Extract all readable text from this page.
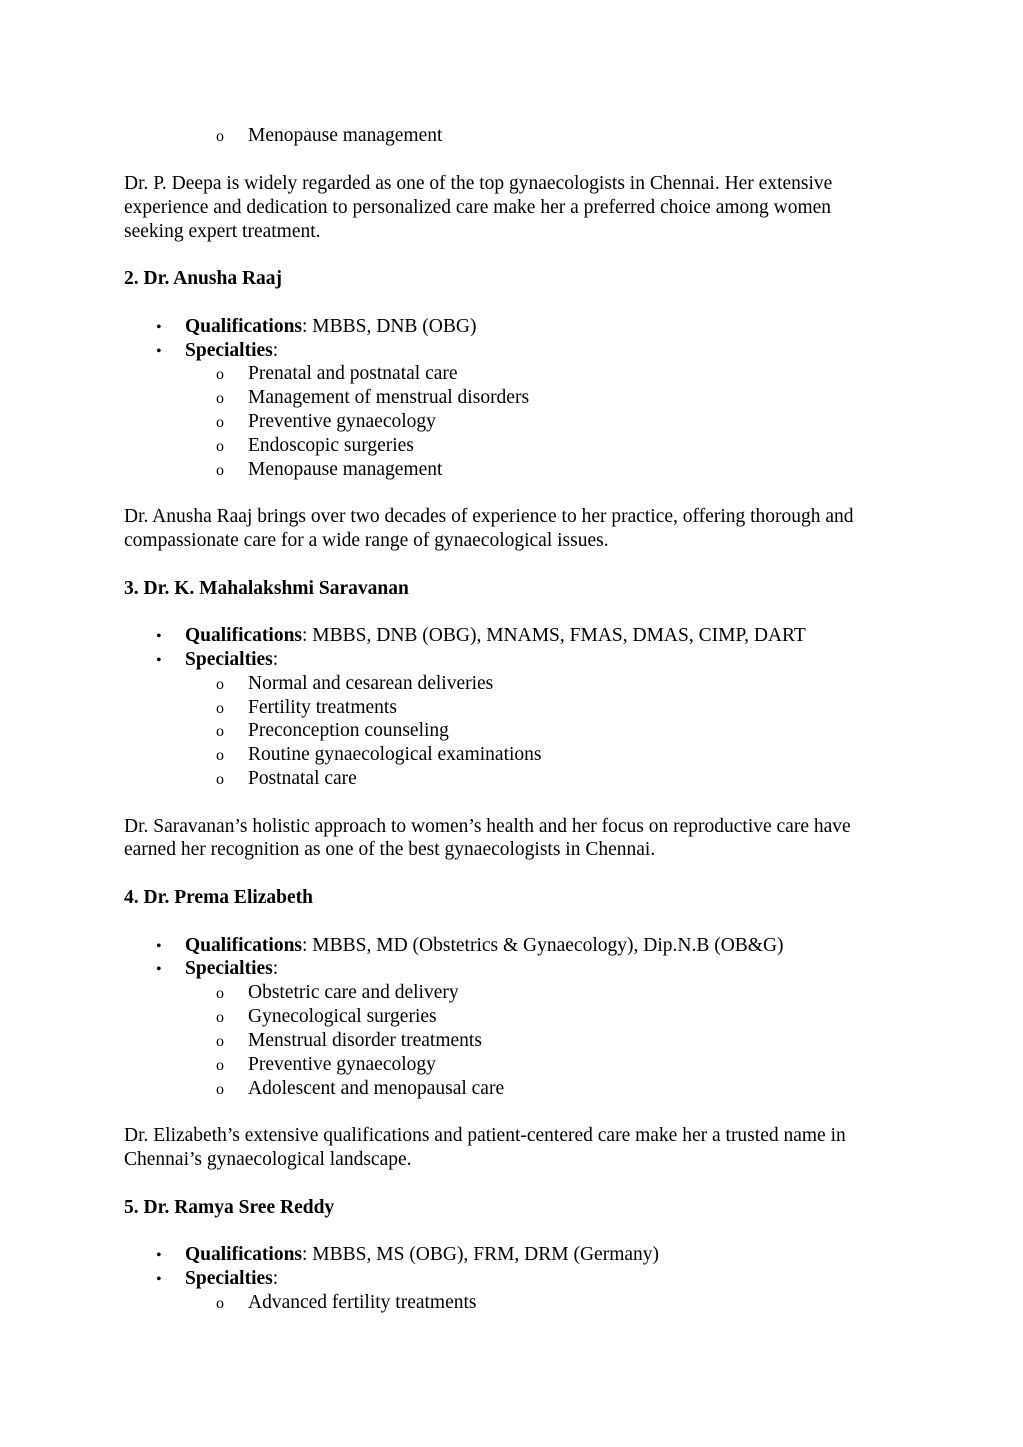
o Menopause management
Dr. P. Deepa is widely regarded as one of the top gynaecologists in Chennai. Her extensive
experience and dedication to personalized care make her a preferred choice among women
seeking expert treatment.
2. Dr. Anusha Raaj
• Qualifications: MBBS, DNB (OBG)
• Specialties:
o Prenatal and postnatal care
o Management of menstrual disorders
o Preventive gynaecology
o Endoscopic surgeries
o Menopause management
Dr. Anusha Raaj brings over two decades of experience to her practice, offering thorough and
compassionate care for a wide range of gynaecological issues.
3. Dr. K. Mahalakshmi Saravanan
• Qualifications: MBBS, DNB (OBG), MNAMS, FMAS, DMAS, CIMP, DART
• Specialties:
o Normal and cesarean deliveries
o Fertility treatments
o Preconception counseling
o Routine gynaecological examinations
o Postnatal care
Dr. Saravanan’s holistic approach to women’s health and her focus on reproductive care have
earned her recognition as one of the best gynaecologists in Chennai.
4. Dr. Prema Elizabeth
• Qualifications: MBBS, MD (Obstetrics & Gynaecology), Dip.N.B (OB&G)
• Specialties:
o Obstetric care and delivery
o Gynecological surgeries
o Menstrual disorder treatments
o Preventive gynaecology
o Adolescent and menopausal care
Dr. Elizabeth’s extensive qualifications and patient-centered care make her a trusted name in
Chennai’s gynaecological landscape.
5. Dr. Ramya Sree Reddy
• Qualifications: MBBS, MS (OBG), FRM, DRM (Germany)
• Specialties:
o Advanced fertility treatments
